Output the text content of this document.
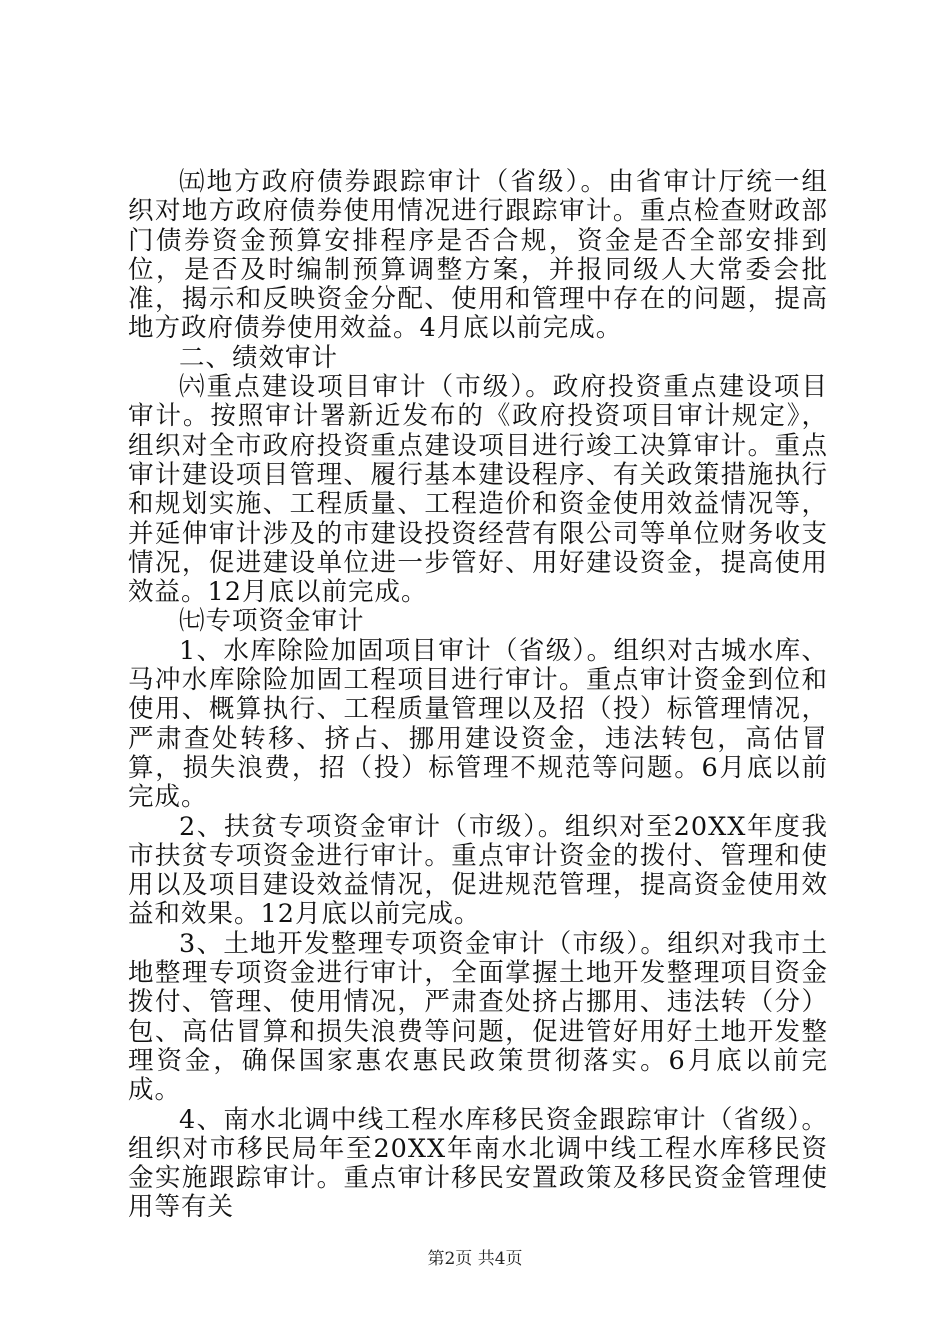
㈤地方政府债券跟踪审计（省级）。由省审计厅统一组织对地方政府债券使用情况进行跟踪审计。重点检查财政部门债券资金预算安排程序是否合规，资金是否全部安排到位，是否及时编制预算调整方案，并报同级人大常委会批准，揭示和反映资金分配、使用和管理中存在的问题，提高地方政府债券使用效益。4月底以前完成。

二、绩效审计

㈥重点建设项目审计（市级）。政府投资重点建设项目审计。按照审计署新近发布的《政府投资项目审计规定》，组织对全市政府投资重点建设项目进行竣工决算审计。重点审计建设项目管理、履行基本建设程序、有关政策措施执行和规划实施、工程质量、工程造价和资金使用效益情况等，并延伸审计涉及的市建设投资经营有限公司等单位财务收支情况，促进建设单位进一步管好、用好建设资金，提高使用效益。12月底以前完成。

㈦专项资金审计

1、水库除险加固项目审计（省级）。组织对古城水库、马冲水库除险加固工程项目进行审计。重点审计资金到位和使用、概算执行、工程质量管理以及招（投）标管理情况，严肃查处转移、挤占、挪用建设资金，违法转包，高估冒算，损失浪费，招（投）标管理不规范等问题。6月底以前完成。

2、扶贫专项资金审计（市级）。组织对至20XX年度我市扶贫专项资金进行审计。重点审计资金的拨付、管理和使用以及项目建设效益情况，促进规范管理，提高资金使用效益和效果。12月底以前完成。

3、土地开发整理专项资金审计（市级）。组织对我市土地整理专项资金进行审计，全面掌握土地开发整理项目资金拨付、管理、使用情况，严肃查处挤占挪用、违法转（分）包、高估冒算和损失浪费等问题，促进管好用好土地开发整理资金，确保国家惠农惠民政策贯彻落实。6月底以前完成。

4、南水北调中线工程水库移民资金跟踪审计（省级）。组织对市移民局年至20XX年南水北调中线工程水库移民资金实施跟踪审计。重点审计移民安置政策及移民资金管理使用等有关

第2页 共4页
